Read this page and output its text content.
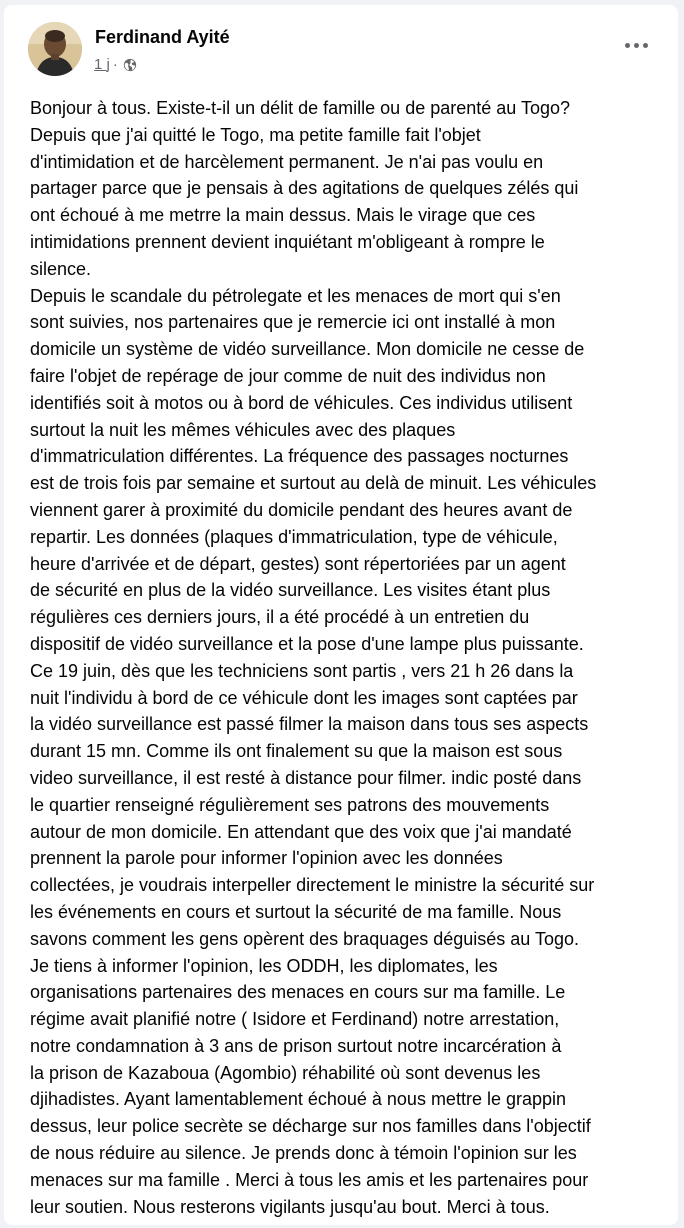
Ferdinand Ayité
1 j ·
Bonjour à tous. Existe-t-il un délit de famille ou de parenté au Togo?
Depuis que j'ai quitté le Togo, ma petite famille fait l'objet
d'intimidation et de harcèlement permanent. Je n'ai pas voulu en
partager parce que je pensais à des agitations de quelques zélés qui
ont échoué à me metrre la main dessus. Mais le virage que ces
intimidations prennent devient inquiétant m'obligeant à rompre le
silence.
Depuis le scandale du pétrolegate et les menaces de mort qui s'en
sont suivies, nos partenaires que je remercie ici ont installé à mon
domicile un système de vidéo surveillance. Mon domicile ne cesse de
faire l'objet de repérage de jour comme de nuit des individus non
identifiés soit à motos ou à bord de véhicules. Ces individus utilisent
surtout la nuit les mêmes véhicules avec des plaques
d'immatriculation différentes. La fréquence des passages nocturnes
est de trois fois par semaine et surtout au delà de minuit. Les véhicules
viennent garer à proximité du domicile pendant des heures avant de
repartir. Les données (plaques d'immatriculation, type de véhicule,
heure d'arrivée et de départ, gestes) sont répertoriées par un agent
de sécurité en plus de la vidéo surveillance. Les visites étant plus
régulières ces derniers jours, il a été procédé à un entretien du
dispositif de vidéo surveillance et la pose d'une lampe plus puissante.
Ce 19 juin, dès que les techniciens sont partis , vers 21 h 26 dans la
nuit l'individu à bord de ce véhicule dont les images sont captées par
la vidéo surveillance est passé filmer la maison dans tous ses aspects
durant 15 mn. Comme ils ont finalement su que la maison est sous
video surveillance, il est resté à distance pour filmer. indic posté dans
le quartier renseigné régulièrement ses patrons des mouvements
autour de mon domicile. En attendant que des voix que j'ai mandaté
prennent la parole pour informer l'opinion avec les données
collectées, je voudrais interpeller directement le ministre la sécurité sur
les événements en cours et surtout la sécurité de ma famille. Nous
savons comment les gens opèrent des braquages déguisés au Togo.
Je tiens à informer l'opinion, les ODDH, les diplomates, les
organisations partenaires des menaces en cours sur ma famille. Le
régime avait planifié notre ( Isidore et Ferdinand) notre arrestation,
notre condamnation à 3 ans de prison surtout notre incarcération à
la prison de Kazaboua (Agombio) réhabilité où sont devenus les
djihadistes. Ayant lamentablement échoué à nous mettre le grappin
dessus, leur police secrète se décharge sur nos familles dans l'objectif
de nous réduire au silence. Je prends donc à témoin l'opinion sur les
menaces sur ma famille . Merci à tous les amis et les partenaires pour
leur soutien. Nous resterons vigilants jusqu'au bout. Merci à tous.
